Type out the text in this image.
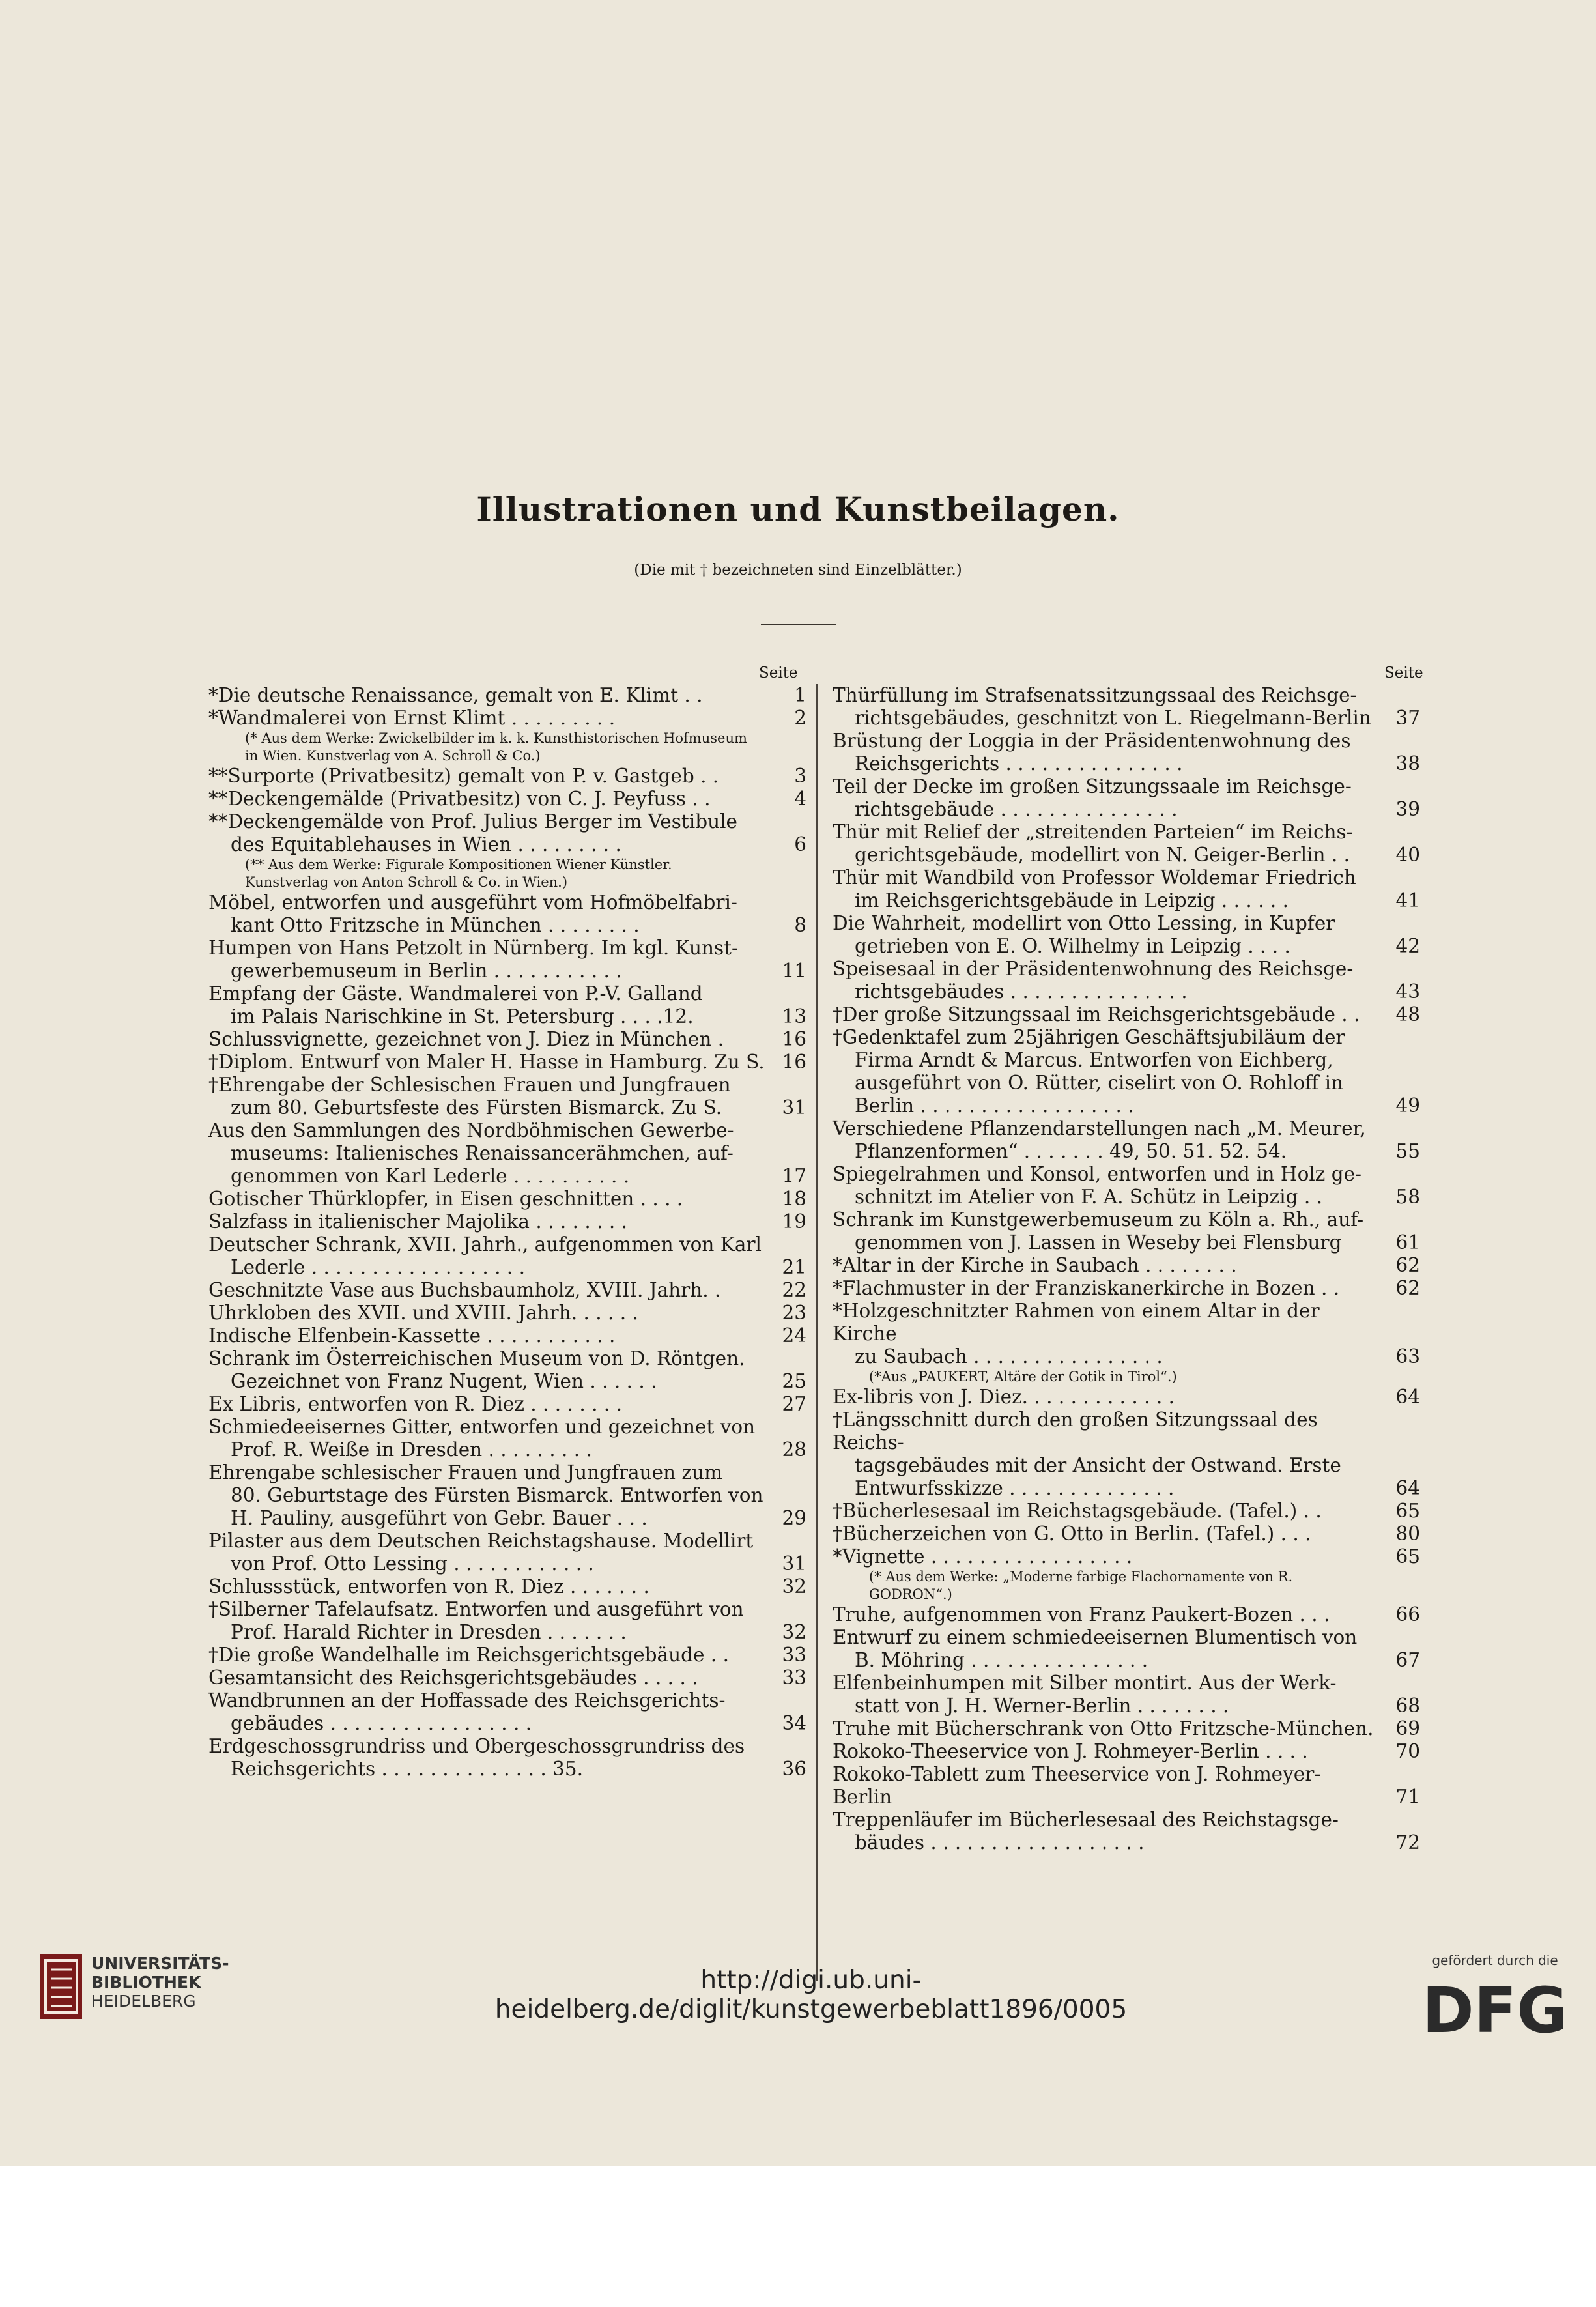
Illustrationen und Kunstbeilagen.
(Die mit † bezeichneten sind Einzelblätter.)
Seite
*Die deutsche Renaissance, gemalt von E. Klimt . .	1
*Wandmalerei von Ernst Klimt . . . . . . . . .	2
(* Aus dem Werke: Zwickelbilder im k. k. Kunsthistorischen Hofmuseum in Wien. Kunstverlag von A. Schroll & Co.)
**Surporte (Privatbesitz) gemalt von P. v. Gastgeb . .	3
**Deckengemälde (Privatbesitz) von C. J. Peyfuss . .	4
**Deckengemälde von Prof. Julius Berger im Vestibule
des Equitablehauses in Wien . . . . . . . . .	6
(** Aus dem Werke: Figurale Kompositionen Wiener Künstler. Kunstverlag von Anton Schroll & Co. in Wien.)
Möbel, entworfen und ausgeführt vom Hofmöbelfabri-
kant Otto Fritzsche in München . . . . . . . .	8
Humpen von Hans Petzolt in Nürnberg. Im kgl. Kunst-
gewerbemuseum in Berlin . . . . . . . . . . .	11
Empfang der Gäste. Wandmalerei von P.-V. Galland
im Palais Narischkine in St. Petersburg . . . .12.	13
Schlussvignette, gezeichnet von J. Diez in München .	16
†Diplom. Entwurf von Maler H. Hasse in Hamburg. Zu S. 16
†Ehrengabe der Schlesischen Frauen und Jungfrauen
zum 80. Geburtsfeste des Fürsten Bismarck. Zu S.	31
Aus den Sammlungen des Nordböhmischen Gewerbe-
museums: Italienisches Renaissancerähmchen, auf- genommen von Karl Lederle . . . . . . . . . .	17
Gotischer Thürklopfer, in Eisen geschnitten . . . .	18
Salzfass in italienischer Majolika . . . . . . . .	19
Deutscher Schrank, XVII. Jahrh., aufgenommen von Karl
Lederle . . . . . . . . . . . . . . . . . .	21
Geschnitzte Vase aus Buchsbaumholz, XVIII. Jahrh. .	22
Uhrkloben des XVII. und XVIII. Jahrh. . . . . .	23
Indische Elfenbein-Kassette . . . . . . . . . . .	24
Schrank im Österreichischen Museum von D. Röntgen.
Gezeichnet von Franz Nugent, Wien . . . . . .	25
Ex Libris, entworfen von R. Diez . . . . . . . .	27
Schmiedeeisernes Gitter, entworfen und gezeichnet von
Prof. R. Weiße in Dresden . . . . . . . . .	28
Ehrengabe schlesischer Frauen und Jungfrauen zum
80. Geburtstage des Fürsten Bismarck. Entworfen von H. Pauliny, ausgeführt von Gebr. Bauer . . .	29
Pilaster aus dem Deutschen Reichstagshause. Modellirt
von Prof. Otto Lessing . . . . . . . . . . . .	31
Schlussstück, entworfen von R. Diez . . . . . . .	32
†Silberner Tafelaufsatz. Entworfen und ausgeführt von
Prof. Harald Richter in Dresden . . . . . . .	32
†Die große Wandelhalle im Reichsgerichtsgebäude . .	33
Gesamtansicht des Reichsgerichtsgebäudes . . . . .	33
Wandbrunnen an der Hoffassade des Reichsgerichts-
gebäudes . . . . . . . . . . . . . . . . .	34
Erdgeschossgrundriss und Obergeschossgrundriss des
Reichsgerichts . . . . . . . . . . . . . . 35.	36
Seite
Thürfüllung im Strafsenatssitzungssaal des Reichsge-
richtsgebäudes, geschnitzt von L. Riegelmann-Berlin	37
Brüstung der Loggia in der Präsidentenwohnung des
Reichsgerichts . . . . . . . . . . . . . . .	38
Teil der Decke im großen Sitzungssaale im Reichsge-
richtsgebäude . . . . . . . . . . . . . . .	39
Thür mit Relief der „streitenden Parteien“ im Reichs-
gerichtsgebäude, modellirt von N. Geiger-Berlin . .	40
Thür mit Wandbild von Professor Woldemar Friedrich
im Reichsgerichtsgebäude in Leipzig . . . . . .	41
Die Wahrheit, modellirt von Otto Lessing, in Kupfer
getrieben von E. O. Wilhelmy in Leipzig . . . .	42
Speisesaal in der Präsidentenwohnung des Reichsge-
richtsgebäudes . . . . . . . . . . . . . . .	43
†Der große Sitzungssaal im Reichsgerichtsgebäude . .	48
†Gedenktafel zum 25jährigen Geschäftsjubiläum der
Firma Arndt & Marcus. Entworfen von Eichberg, ausgeführt von O. Rütter, ciselirt von O. Rohloff in Berlin . . . . . . . . . . . . . . . . . .	49
Verschiedene Pflanzendarstellungen nach „M. Meurer,
Pflanzenformen“ . . . . . . . 49, 50. 51. 52. 54.	55
Spiegelrahmen und Konsol, entworfen und in Holz ge-
schnitzt im Atelier von F. A. Schütz in Leipzig . .	58
Schrank im Kunstgewerbemuseum zu Köln a. Rh., auf-
genommen von J. Lassen in Weseby bei Flensburg	61
*Altar in der Kirche in Saubach . . . . . . . .	62
*Flachmuster in der Franziskanerkirche in Bozen . .	62
*Holzgeschnitzter Rahmen von einem Altar in der Kirche
zu Saubach . . . . . . . . . . . . . . . .	63
(*Aus „PAUKERT, Altäre der Gotik in Tirol“.)
Ex-libris von J. Diez. . . . . . . . . . . . .	64
†Längsschnitt durch den großen Sitzungssaal des Reichs-
tagsgebäudes mit der Ansicht der Ostwand. Erste Entwurfsskizze . . . . . . . . . . . . . .	64
†Bücherlesesaal im Reichstagsgebäude. (Tafel.) . .	65
†Bücherzeichen von G. Otto in Berlin. (Tafel.) . . .	80
*Vignette . . . . . . . . . . . . . . . . .	65
(* Aus dem Werke: „Moderne farbige Flachornamente von R. GODRON“.)
Truhe, aufgenommen von Franz Paukert-Bozen . . .	66
Entwurf zu einem schmiedeeisernen Blumentisch von
B. Möhring . . . . . . . . . . . . . . .	67
Elfenbeinhumpen mit Silber montirt. Aus der Werk-
statt von J. H. Werner-Berlin . . . . . . . .	68
Truhe mit Bücherschrank von Otto Fritzsche-München.	69
Rokoko-Theeservice von J. Rohmeyer-Berlin . . . .	70
Rokoko-Tablett zum Theeservice von J. Rohmeyer-Berlin	71
Treppenläufer im Bücherlesesaal des Reichstagsge-
bäudes . . . . . . . . . . . . . . . . . .	72
UNIVERSITÄTS-
BIBLIOTHEK
HEIDELBERG
http://digi.ub.uni-heidelberg.de/diglit/kunstgewerbeblatt1896/0005
gefördert durch die
DFG
